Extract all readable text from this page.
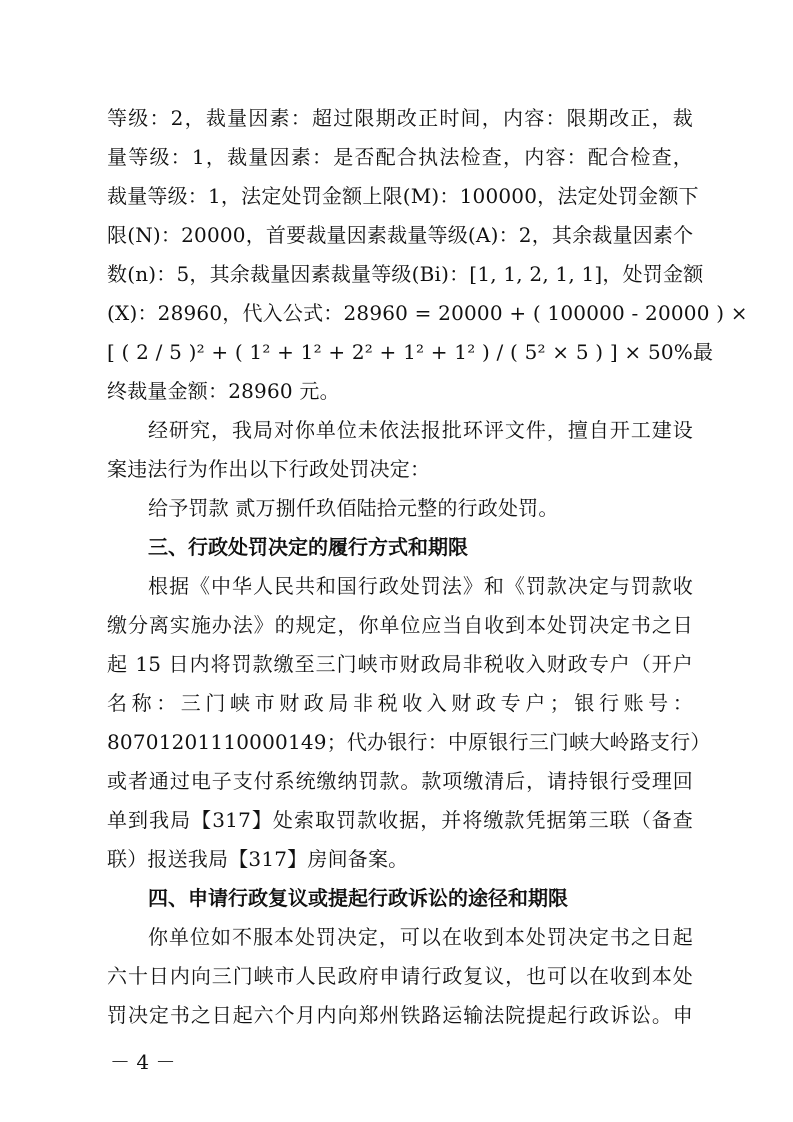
等级：2，裁量因素：超过限期改正时间，内容：限期改正，裁
量等级：1，裁量因素：是否配合执法检查，内容：配合检查，
裁量等级：1，法定处罚金额上限(M)：100000，法定处罚金额下
限(N)：20000，首要裁量因素裁量等级(A)：2，其余裁量因素个
数(n)：5，其余裁量因素裁量等级(Bi)：[1, 1, 2, 1, 1]，处罚金额
(X)：28960，代入公式：28960 = 20000 + ( 100000 - 20000 ) ×
[ ( 2 / 5 )² + ( 1² + 1² + 2² + 1² + 1² ) / ( 5² × 5 ) ] × 50%最
终裁量金额：28960 元。
经研究，我局对你单位未依法报批环评文件，擅自开工建设
案违法行为作出以下行政处罚决定：
给予罚款 贰万捌仟玖佰陆拾元整的行政处罚。
三、行政处罚决定的履行方式和期限
根据《中华人民共和国行政处罚法》和《罚款决定与罚款收
缴分离实施办法》的规定，你单位应当自收到本处罚决定书之日
起 15 日内将罚款缴至三门峡市财政局非税收入财政专户（开户
名称：三门峡市财政局非税收入财政专户；银行账号：
80701201110000149；代办银行：中原银行三门峡大岭路支行）
或者通过电子支付系统缴纳罚款。款项缴清后，请持银行受理回
单到我局【317】处索取罚款收据，并将缴款凭据第三联（备查
联）报送我局【317】房间备案。
四、申请行政复议或提起行政诉讼的途径和期限
你单位如不服本处罚决定，可以在收到本处罚决定书之日起
六十日内向三门峡市人民政府申请行政复议，也可以在收到本处
罚决定书之日起六个月内向郑州铁路运输法院提起行政诉讼。申
－ 4 －
